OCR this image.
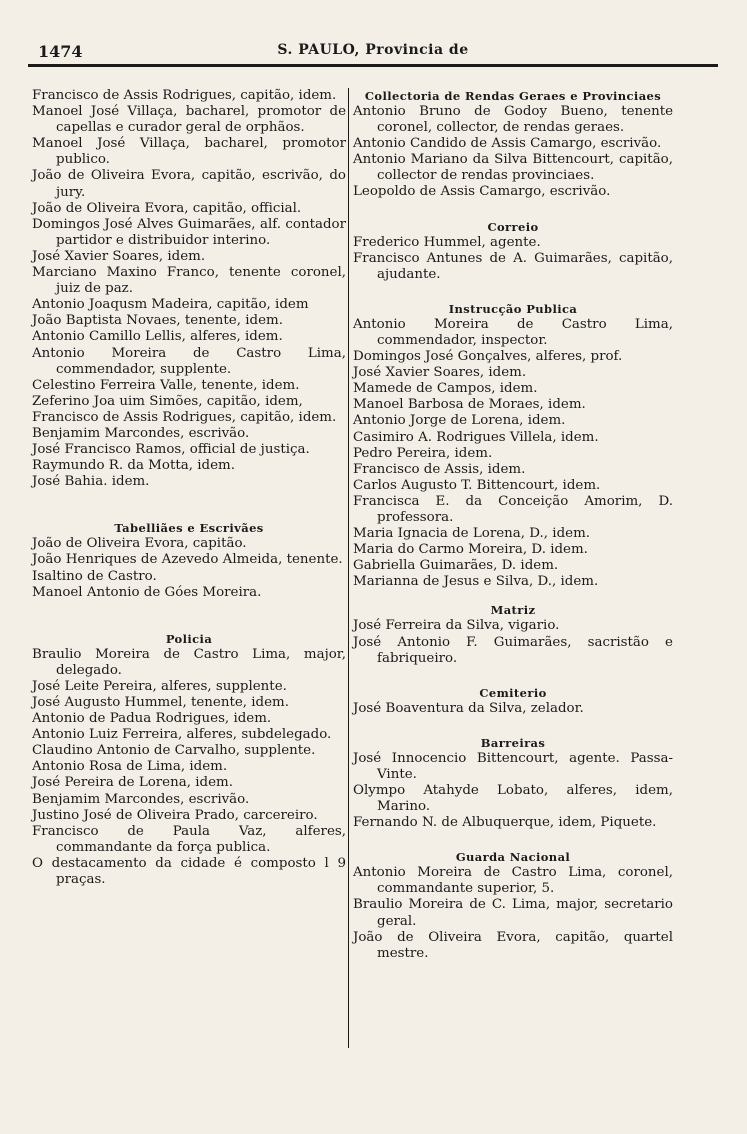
1474	S. PAULO, Provincia de
Francisco de Assis Rodrigues, capitão, idem.
Manoel José Villaça, bacharel, promotor de capellas e curador geral de orphãos.
Manoel José Villaça, bacharel, promotor publico.
João de Oliveira Evora, capitão, escrivão, do jury.
João de Oliveira Evora, capitão, official.
Domingos José Alves Guimarães, alf. contador partidor e distribuidor interino.
José Xavier Soares, idem.
Marciano Maxino Franco, tenente coronel, juiz de paz.
Antonio Joaqusm Madeira, capitão, idem
João Baptista Novaes, tenente, idem.
Antonio Camillo Lellis, alferes, idem.
Antonio Moreira de Castro Lima, commendador, supplente.
Celestino Ferreira Valle, tenente, idem.
Zeferino Joa uim Simões, capitão, idem,
Francisco de Assis Rodrigues, capitão, idem.
Benjamim Marcondes, escrivão.
José Francisco Ramos, official de justiça.
Raymundo R. da Motta, idem.
José Bahia. idem.
Tabelliães e Escrivães
João de Oliveira Evora, capitão.
João Henriques de Azevedo Almeida, tenente.
Isaltino de Castro.
Manoel Antonio de Góes Moreira.
Policia
Braulio Moreira de Castro Lima, major, delegado.
José Leite Pereira, alferes, supplente.
José Augusto Hummel, tenente, idem.
Antonio de Padua Rodrigues, idem.
Antonio Luiz Ferreira, alferes, subdelegado.
Claudino Antonio de Carvalho, supplente.
Antonio Rosa de Lima, idem.
José Pereira de Lorena, idem.
Benjamim Marcondes, escrivão.
Justino José de Oliveira Prado, carcereiro.
Francisco de Paula Vaz, alferes, commandante da força publica.
O destacamento da cidade é composto l 9 praças.
Collectoria de Rendas Geraes e Provinciaes
Antonio Bruno de Godoy Bueno, tenente coronel, collector, de rendas geraes.
Antonio Candido de Assis Camargo, escrivão.
Antonio Mariano da Silva Bittencourt, capitão, collector de rendas provinciaes.
Leopoldo de Assis Camargo, escrivão.
Correio
Frederico Hummel, agente.
Francisco Antunes de A. Guimarães, capitão, ajudante.
Instrucção Publica
Antonio Moreira de Castro Lima, commendador, inspector.
Domingos José Gonçalves, alferes, prof.
José Xavier Soares, idem.
Mamede de Campos, idem.
Manoel Barbosa de Moraes, idem.
Antonio Jorge de Lorena, idem.
Casimiro A. Rodrigues Villela, idem.
Pedro Pereira, idem.
Francisco de Assis, idem.
Carlos Augusto T. Bittencourt, idem.
Francisca E. da Conceição Amorim, D. professora.
Maria Ignacia de Lorena, D., idem.
Maria do Carmo Moreira, D. idem.
Gabriella Guimarães, D. idem.
Marianna de Jesus e Silva, D., idem.
Matriz
José Ferreira da Silva, vigario.
José Antonio F. Guimarães, sacristão e fabriqueiro.
Cemiterio
José Boaventura da Silva, zelador.
Barreiras
José Innocencio Bittencourt, agente. Passa-Vinte.
Olympo Atahyde Lobato, alferes, idem, Marino.
Fernando N. de Albuquerque, idem, Piquete.
Guarda Nacional
Antonio Moreira de Castro Lima, coronel, commandante superior, 5.
Braulio Moreira de C. Lima, major, secretario geral.
João de Oliveira Evora, capitão, quartel mestre.
